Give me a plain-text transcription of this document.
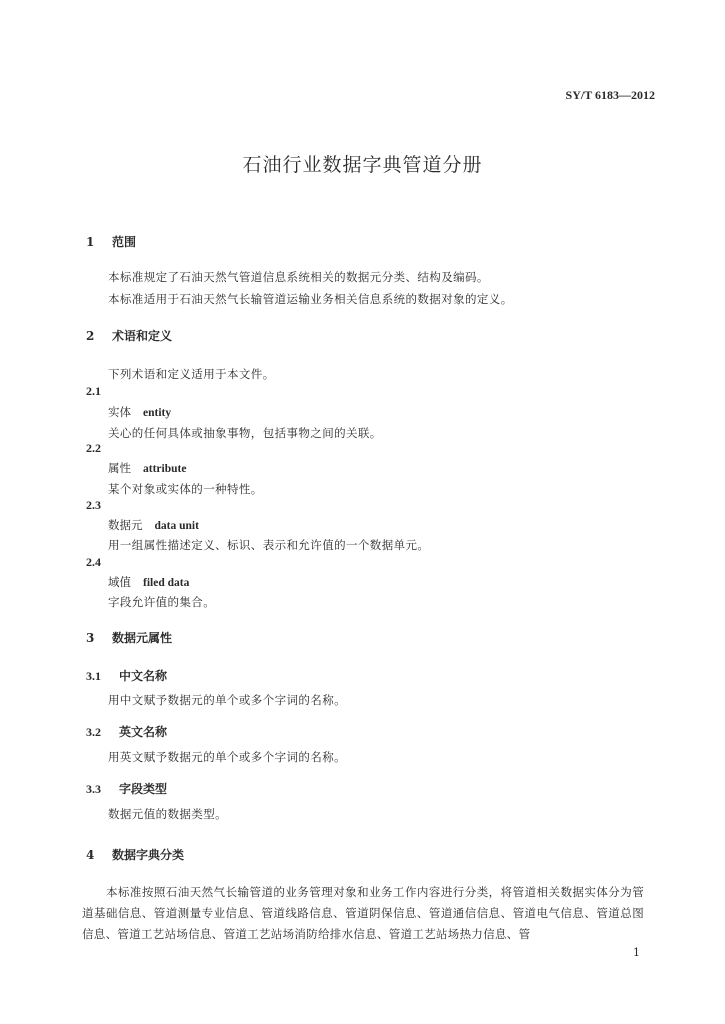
SY/T 6183—2012
石油行业数据字典管道分册
1 范围
本标准规定了石油天然气管道信息系统相关的数据元分类、结构及编码。
本标准适用于石油天然气长输管道运输业务相关信息系统的数据对象的定义。
2 术语和定义
下列术语和定义适用于本文件。
2.1
实体 entity
关心的任何具体或抽象事物，包括事物之间的关联。
2.2
属性 attribute
某个对象或实体的一种特性。
2.3
数据元 data unit
用一组属性描述定义、标识、表示和允许值的一个数据单元。
2.4
域值 filed data
字段允许值的集合。
3 数据元属性
3.1 中文名称
用中文赋予数据元的单个或多个字词的名称。
3.2 英文名称
用英文赋予数据元的单个或多个字词的名称。
3.3 字段类型
数据元值的数据类型。
4 数据字典分类
本标准按照石油天然气长输管道的业务管理对象和业务工作内容进行分类，将管道相关数据实体分为管道基础信息、管道测量专业信息、管道线路信息、管道阴保信息、管道通信信息、管道电气信息、管道总图信息、管道工艺站场信息、管道工艺站场消防给排水信息、管道工艺站场热力信息、管
1
